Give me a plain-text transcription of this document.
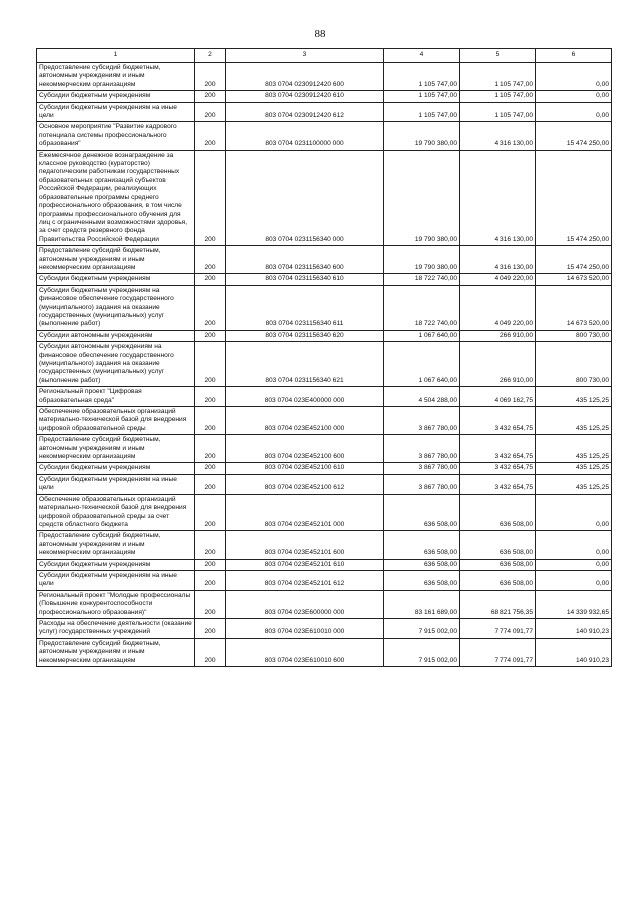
88
1	2	3	4	5	6
Предоставление субсидий бюджетным, автономным учреждениям и иным некоммерческим организациям	200	803 0704 0230912420 600	1 105 747,00	1 105 747,00	0,00
Субсидии бюджетным учреждениям	200	803 0704 0230912420 610	1 105 747,00	1 105 747,00	0,00
Субсидии бюджетным учреждениям на иные цели	200	803 0704 0230912420 612	1 105 747,00	1 105 747,00	0,00
Основное мероприятие "Развитие кадрового потенциала системы профессионального образования"	200	803 0704 0231100000 000	19 790 380,00	4 316 130,00	15 474 250,00
Ежемесячное денежное вознаграждение за классное руководство (кураторство) педагогическим работникам государственных образовательных организаций субъектов Российской Федерации, реализующих образовательные программы среднего профессионального образования, в том числе программы профессионального обучения для лиц с ограниченными возможностями здоровья, за счет средств резервного фонда Правительства Российской Федерации	200	803 0704 0231156340 000	19 790 380,00	4 316 130,00	15 474 250,00
Предоставление субсидий бюджетным, автономным учреждениям и иным некоммерческим организациям	200	803 0704 0231156340 600	19 790 380,00	4 316 130,00	15 474 250,00
Субсидии бюджетным учреждениям	200	803 0704 0231156340 610	18 722 740,00	4 049 220,00	14 673 520,00
Субсидии бюджетным учреждениям на финансовое обеспечение государственного (муниципального) задания на оказание государственных (муниципальных) услуг (выполнение работ)	200	803 0704 0231156340 611	18 722 740,00	4 049 220,00	14 673 520,00
Субсидии автономным учреждениям	200	803 0704 0231156340 620	1 067 640,00	266 910,00	800 730,00
Субсидии автономным учреждениям на финансовое обеспечение государственного (муниципального) задания на оказание государственных (муниципальных) услуг (выполнение работ)	200	803 0704 0231156340 621	1 067 640,00	266 910,00	800 730,00
Региональный проект "Цифровая образовательная среда"	200	803 0704 023E400000 000	4 504 288,00	4 069 162,75	435 125,25
Обеспечение образовательных организаций материально-технической базой для внедрения цифровой образовательной среды	200	803 0704 023E452100 000	3 867 780,00	3 432 654,75	435 125,25
Предоставление субсидий бюджетным, автономным учреждениям и иным некоммерческим организациям	200	803 0704 023E452100 600	3 867 780,00	3 432 654,75	435 125,25
Субсидии бюджетным учреждениям	200	803 0704 023E452100 610	3 867 780,00	3 432 654,75	435 125,25
Субсидии бюджетным учреждениям на иные цели	200	803 0704 023E452100 612	3 867 780,00	3 432 654,75	435 125,25
Обеспечение образовательных организаций материально-технической базой для внедрения цифровой образовательной среды за счет средств областного бюджета	200	803 0704 023E452101 000	636 508,00	636 508,00	0,00
Предоставление субсидий бюджетным, автономным учреждениям и иным некоммерческим организациям	200	803 0704 023E452101 600	636 508,00	636 508,00	0,00
Субсидии бюджетным учреждениям	200	803 0704 023E452101 610	636 508,00	636 508,00	0,00
Субсидии бюджетным учреждениям на иные цели	200	803 0704 023E452101 612	636 508,00	636 508,00	0,00
Региональный проект "Молодые профессионалы (Повышение конкурентоспособности профессионального образования)"	200	803 0704 023E600000 000	83 161 689,00	68 821 756,35	14 339 932,65
Расходы на обеспечение деятельности (оказание услуг) государственных учреждений	200	803 0704 023E610010 000	7 915 002,00	7 774 091,77	140 910,23
Предоставление субсидий бюджетным, автономным учреждениям и иным некоммерческим организациям	200	803 0704 023E610010 600	7 915 002,00	7 774 091,77	140 910,23
